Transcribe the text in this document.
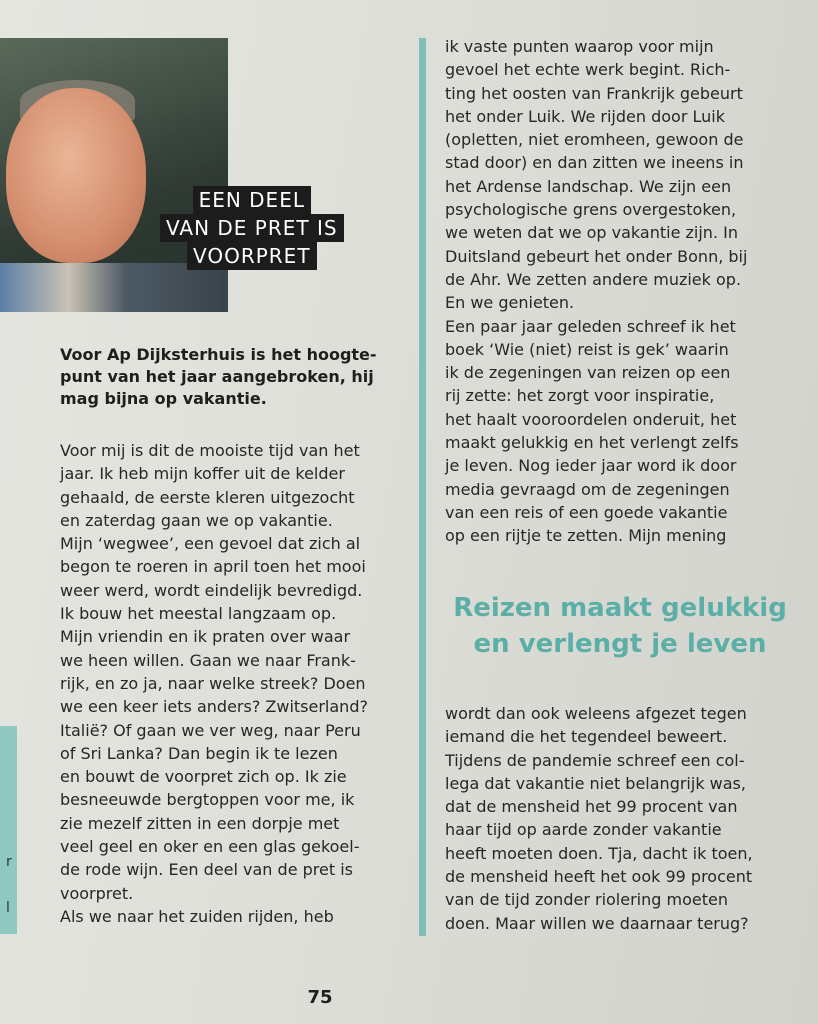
EEN DEEL
VAN DE PRET IS
VOORPRET
Voor Ap Dijksterhuis is het hoogte-
punt van het jaar aangebroken, hij
mag bijna op vakantie.
Voor mij is dit de mooiste tijd van het
jaar. Ik heb mijn koffer uit de kelder
gehaald, de eerste kleren uitgezocht
en zaterdag gaan we op vakantie.
Mijn ‘wegwee’, een gevoel dat zich al
begon te roeren in april toen het mooi
weer werd, wordt eindelijk bevredigd.
Ik bouw het meestal langzaam op.
Mijn vriendin en ik praten over waar
we heen willen. Gaan we naar Frank-
rijk, en zo ja, naar welke streek? Doen
we een keer iets anders? Zwitserland?
Italië? Of gaan we ver weg, naar Peru
of Sri Lanka? Dan begin ik te lezen
en bouwt de voorpret zich op. Ik zie
besneeuwde bergtoppen voor me, ik
zie mezelf zitten in een dorpje met
veel geel en oker en een glas gekoel-
de rode wijn. Een deel van de pret is
voorpret.
Als we naar het zuiden rijden, heb
ik vaste punten waarop voor mijn
gevoel het echte werk begint. Rich-
ting het oosten van Frankrijk gebeurt
het onder Luik. We rijden door Luik
(opletten, niet eromheen, gewoon de
stad door) en dan zitten we ineens in
het Ardense landschap. We zijn een
psychologische grens overgestoken,
we weten dat we op vakantie zijn. In
Duitsland gebeurt het onder Bonn, bij
de Ahr. We zetten andere muziek op.
En we genieten.
Een paar jaar geleden schreef ik het
boek ‘Wie (niet) reist is gek’ waarin
ik de zegeningen van reizen op een
rij zette: het zorgt voor inspiratie,
het haalt vooroordelen onderuit, het
maakt gelukkig en het verlengt zelfs
je leven. Nog ieder jaar word ik door
media gevraagd om de zegeningen
van een reis of een goede vakantie
op een rijtje te zetten. Mijn mening
Reizen maakt gelukkig
en verlengt je leven
wordt dan ook weleens afgezet tegen
iemand die het tegendeel beweert.
Tijdens de pandemie schreef een col-
lega dat vakantie niet belangrijk was,
dat de mensheid het 99 procent van
haar tijd op aarde zonder vakantie
heeft moeten doen. Tja, dacht ik toen,
de mensheid heeft het ook 99 procent
van de tijd zonder riolering moeten
doen. Maar willen we daarnaar terug?
r
l
75
